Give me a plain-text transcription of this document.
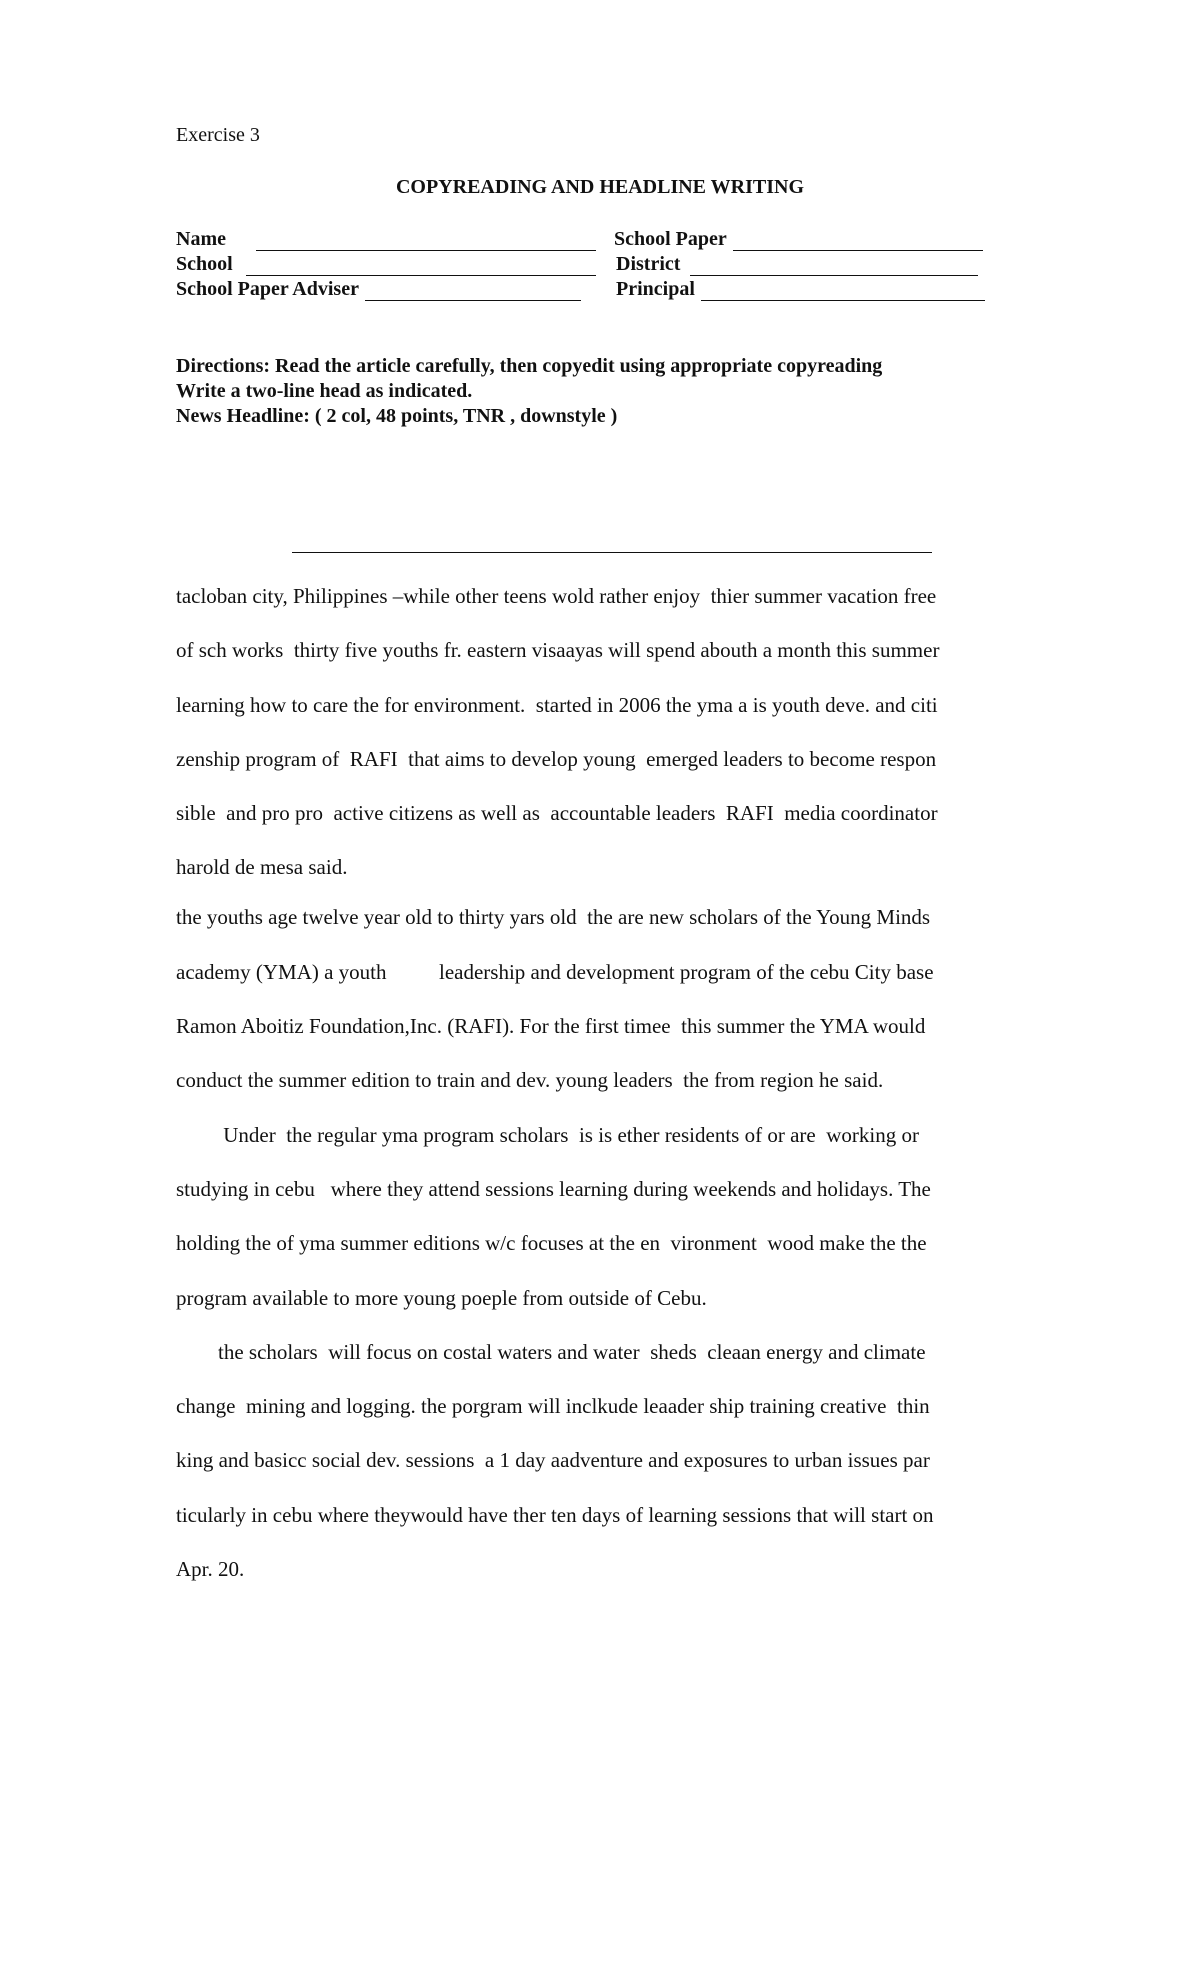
Exercise 3
COPYREADING AND HEADLINE WRITING
Name	School Paper
School	District
School Paper Adviser	Principal
Directions: Read the article carefully, then copyedit using appropriate copyreading
Write a two-line head as indicated.
News Headline: ( 2 col, 48 points, TNR , downstyle )
tacloban city, Philippines –while other teens wold rather enjoy  thier summer vacation free
of sch works  thirty five youths fr. eastern visaayas will spend abouth a month this summer
learning how to care the for environment.  started in 2006 the yma a is youth deve. and citi
zenship program of  RAFI  that aims to develop young  emerged leaders to become respon
sible  and pro pro  active citizens as well as  accountable leaders  RAFI  media coordinator
harold de mesa said.
the youths age twelve year old to thirty yars old  the are new scholars of the Young Minds
academy (YMA) a youth          leadership and development program of the cebu City base
Ramon Aboitiz Foundation,Inc. (RAFI). For the first timee  this summer the YMA would
conduct the summer edition to train and dev. young leaders  the from region he said.
Under  the regular yma program scholars  is is ether residents of or are  working or
studying in cebu   where they attend sessions learning during weekends and holidays. The
holding the of yma summer editions w/c focuses at the en  vironment  wood make the the
program available to more young poeple from outside of Cebu.
the scholars  will focus on costal waters and water  sheds  cleaan energy and climate
change  mining and logging. the porgram will inclkude leaader ship training creative  thin
king and basicc social dev. sessions  a 1 day aadventure and exposures to urban issues par
ticularly in cebu where theywould have ther ten days of learning sessions that will start on
Apr. 20.
